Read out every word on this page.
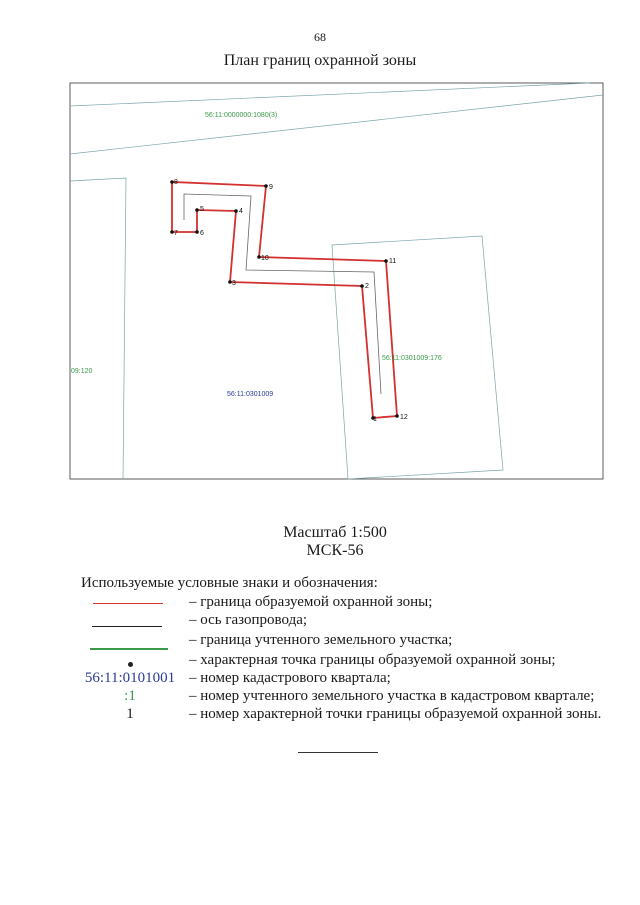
68
План границ охранной зоны
1
2
3
4
5
6
7
8
9
10	11
12
56:11:0000000:1080(3)
09:120
56:11:0301009:176
56:11:0301009
Масштаб 1:500
МСК-56
Используемые условные знаки и обозначения:
– граница образуемой охранной зоны;
– ось газопровода;
– граница учтенного земельного участка;
– характерная точка границы образуемой охранной зоны;
56:11:0101001 – номер кадастрового квартала;
:1	– номер учтенного земельного участка в кадастровом квартале;
1	– номер характерной точки границы образуемой охранной зоны.
